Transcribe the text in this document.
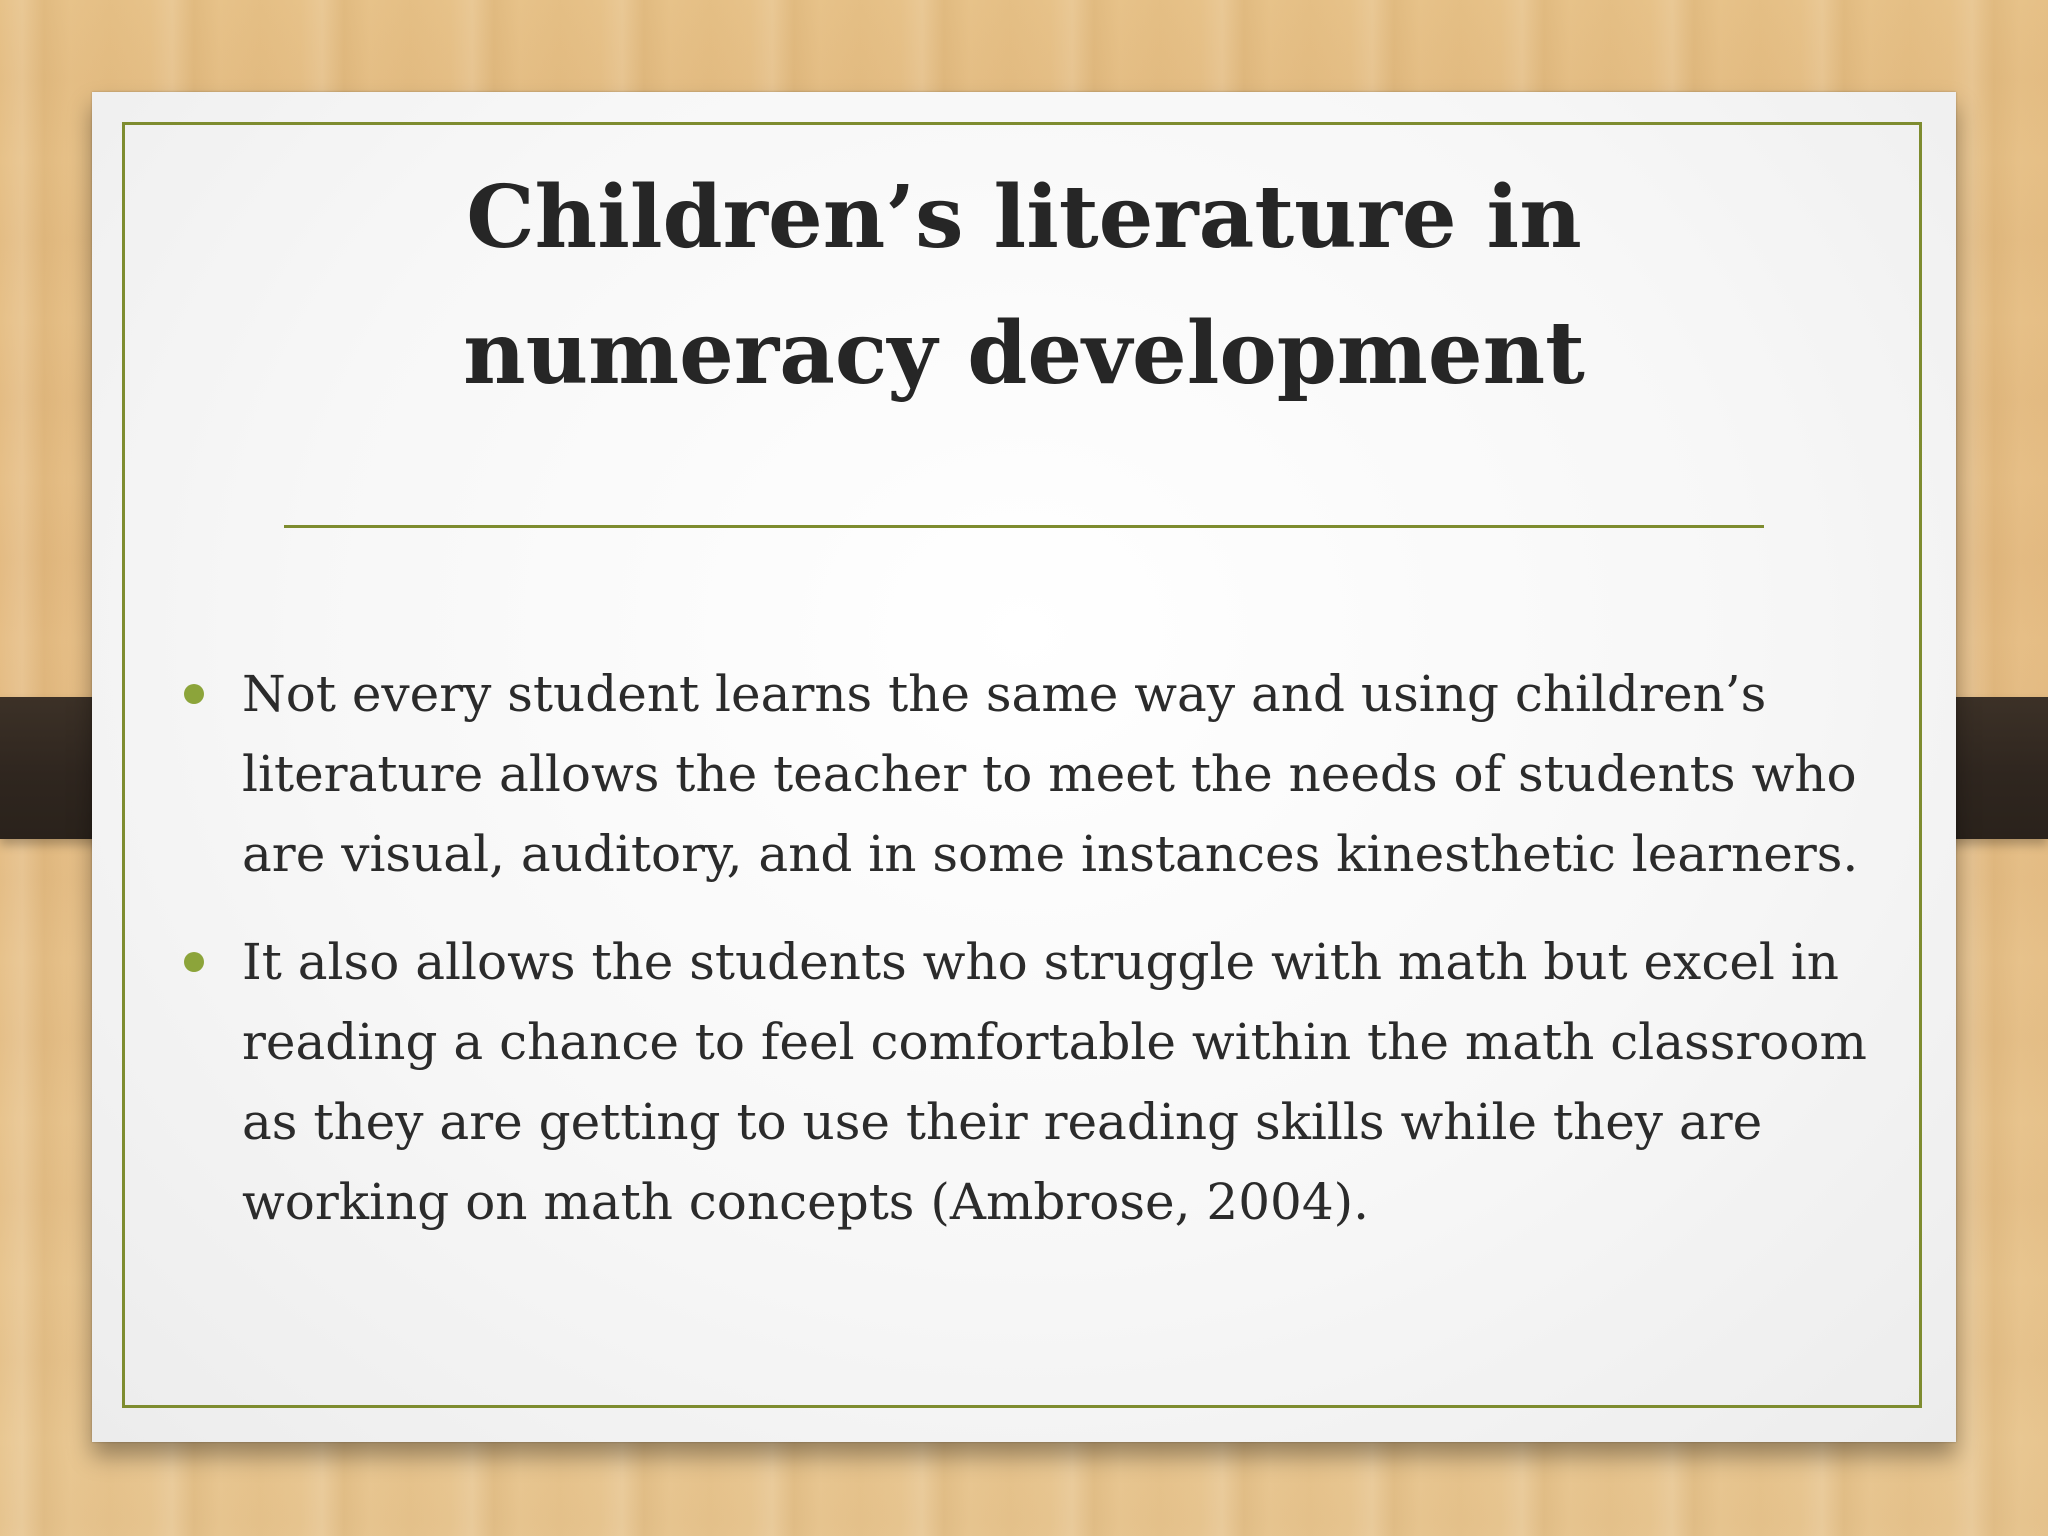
Children’s literature in
numeracy development
Not every student learns the same way and using children’s literature allows the teacher to meet the needs of students who are visual, auditory, and in some instances kinesthetic learners.
It also allows the students who struggle with math but excel in reading a chance to feel comfortable within the math classroom as they are getting to use their reading skills while they are working on math concepts (Ambrose, 2004).
